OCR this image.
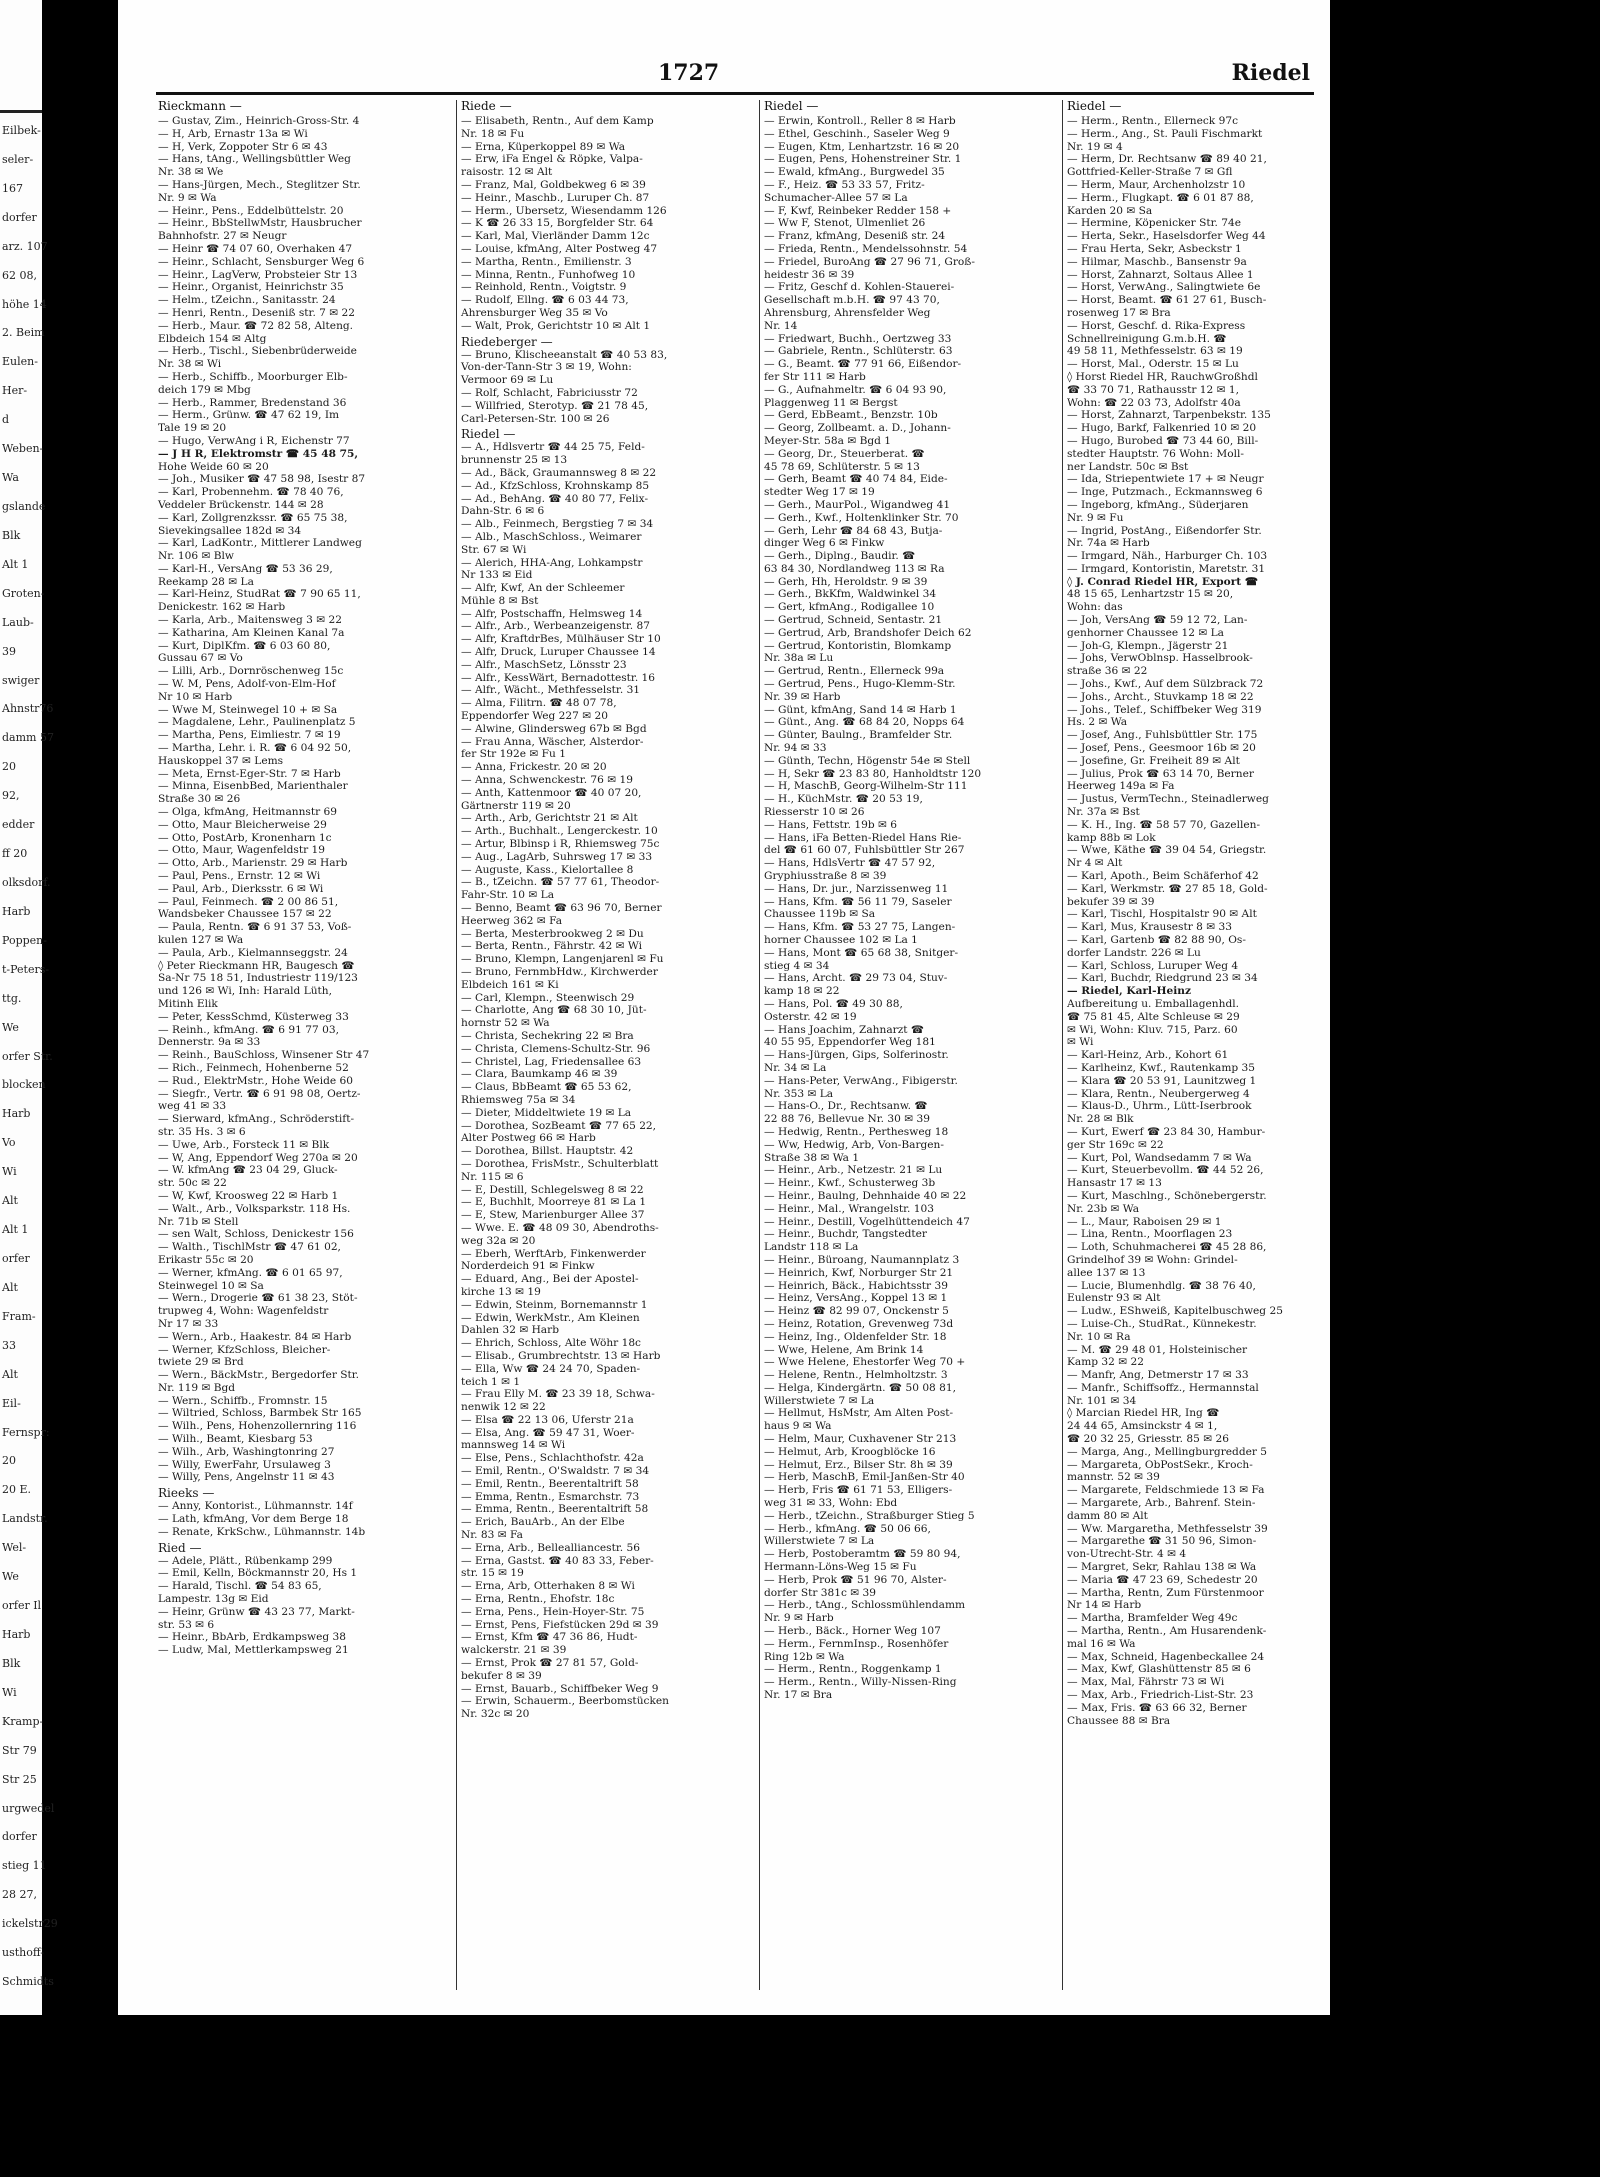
Eilbek-
seler-
167
dorfer
arz. 107
62 08,
höhe 14
2. Beim
Eulen-
Her-
d
Weben-
Wa
gslande
Blk
Alt 1
Groten-
Laub-
39
swiger
Ahnstr76
damm 57
20
92,
edder
ff 20
olksdorf.
Harb
Poppen-
t-Peters-
ttg.
We
orfer Str.
blocken
Harb
Vo
Wi
Alt
Alt 1
orfer
Alt
Fram-
33
Alt
Eil-
Fernspr:
20
20 E.
Landstr.
Wel-
We
orfer Il
Harb
Blk
Wi
Kramp-
Str 79
Str 25
urgwedel
dorfer
stieg 11
28 27,
ickelstr29
usthoff-
Schmidts
1727	Riedel
Rieckmann —
— Gustav, Zim., Heinrich-Gross-Str. 4
— H, Arb, Ernastr 13a ✉ Wi
— H, Verk, Zoppoter Str 6 ✉ 43
— Hans, tAng., Wellingsbüttler Weg
Nr. 38 ✉ We
— Hans-Jürgen, Mech., Steglitzer Str.
Nr. 9 ✉ Wa
— Heinr., Pens., Eddelbüttelstr. 20
— Heinr., BbStellwMstr, Hausbrucher
Bahnhofstr. 27 ✉ Neugr
— Heinr ☎ 74 07 60, Overhaken 47
— Heinr., Schlacht, Sensburger Weg 6
— Heinr., LagVerw, Probsteier Str 13
— Heinr., Organist, Heinrichstr 35
— Helm., tZeichn., Sanitasstr. 24
— Henri, Rentn., Deseniß str. 7 ✉ 22
— Herb., Maur. ☎ 72 82 58, Alteng.
Elbdeich 154 ✉ Altg
— Herb., Tischl., Siebenbrüderweide
Nr. 38 ✉ Wi
— Herb., Schiffb., Moorburger Elb-
deich 179 ✉ Mbg
— Herb., Rammer, Bredenstand 36
— Herm., Grünw. ☎ 47 62 19, Im
Tale 19 ✉ 20
— Hugo, VerwAng i R, Eichenstr 77
— J H R, Elektromstr ☎ 45 48 75,
Hohe Weide 60 ✉ 20
— Joh., Musiker ☎ 47 58 98, Isestr 87
— Karl, Probennehm. ☎ 78 40 76,
Veddeler Brückenstr. 144 ✉ 28
— Karl, Zollgrenzkssr. ☎ 65 75 38,
Sievekingsallee 182d ✉ 34
— Karl, LadKontr., Mittlerer Landweg
Nr. 106 ✉ Blw
— Karl-H., VersAng ☎ 53 36 29,
Reekamp 28 ✉ La
— Karl-Heinz, StudRat ☎ 7 90 65 11,
Denickestr. 162 ✉ Harb
— Karla, Arb., Maitensweg 3 ✉ 22
— Katharina, Am Kleinen Kanal 7a
— Kurt, DiplKfm. ☎ 6 03 60 80,
Gussau 67 ✉ Vo
— Lilli, Arb., Dornröschenweg 15c
— W. M, Pens, Adolf-von-Elm-Hof
Nr 10 ✉ Harb
— Wwe M, Steinwegel 10 + ✉ Sa
— Magdalene, Lehr., Paulinenplatz 5
— Martha, Pens, Eimliestr. 7 ✉ 19
— Martha, Lehr. i. R. ☎ 6 04 92 50,
Hauskoppel 37 ✉ Lems
— Meta, Ernst-Eger-Str. 7 ✉ Harb
— Minna, EisenbBed, Marienthaler
Straße 30 ✉ 26
— Olga, kfmAng, Heitmannstr 69
— Otto, Maur Bleicherweise 29
— Otto, PostArb, Kronenharn 1c
— Otto, Maur, Wagenfeldstr 19
— Otto, Arb., Marienstr. 29 ✉ Harb
— Paul, Pens., Ernstr. 12 ✉ Wi
— Paul, Arb., Dierksstr. 6 ✉ Wi
— Paul, Feinmech. ☎ 2 00 86 51,
Wandsbeker Chaussee 157 ✉ 22
— Paula, Rentn. ☎ 6 91 37 53, Voß-
kulen 127 ✉ Wa
— Paula, Arb., Kielmannseggstr. 24
◊ Peter Rieckmann HR, Baugesch ☎
Sa-Nr 75 18 51, Industriestr 119/123
und 126 ✉ Wi, Inh: Harald Lüth,
Mitinh Elik
— Peter, KessSchmd, Küsterweg 33
— Reinh., kfmAng. ☎ 6 91 77 03,
Dennerstr. 9a ✉ 33
— Reinh., BauSchloss, Winsener Str 47
— Rich., Feinmech, Hohenberne 52
— Rud., ElektrMstr., Hohe Weide 60
— Siegfr., Vertr. ☎ 6 91 98 08, Oertz-
weg 41 ✉ 33
— Sierward, kfmAng., Schröderstift-
str. 35 Hs. 3 ✉ 6
— Uwe, Arb., Forsteck 11 ✉ Blk
— W, Ang, Eppendorf Weg 270a ✉ 20
— W. kfmAng ☎ 23 04 29, Gluck-
str. 50c ✉ 22
— W, Kwf, Kroosweg 22 ✉ Harb 1
— Walt., Arb., Volksparkstr. 118 Hs.
Nr. 71b ✉ Stell
— sen Walt, Schloss, Denickestr 156
— Walth., TischlMstr ☎ 47 61 02,
Erikastr 55c ✉ 20
— Werner, kfmAng. ☎ 6 01 65 97,
Steinwegel 10 ✉ Sa
— Wern., Drogerie ☎ 61 38 23, Stöt-
trupweg 4, Wohn: Wagenfeldstr
Nr 17 ✉ 33
— Wern., Arb., Haakestr. 84 ✉ Harb
— Werner, KfzSchloss, Bleicher-
twiete 29 ✉ Brd
— Wern., BäckMstr., Bergedorfer Str.
Nr. 119 ✉ Bgd
— Wern., Schiffb., Fromnstr. 15
— Wiltried, Schloss, Barmbek Str 165
— Wilh., Pens, Hohenzollernring 116
— Wilh., Beamt, Kiesbarg 53
— Wilh., Arb, Washingtonring 27
— Willy, EwerFahr, Ursulaweg 3
— Willy, Pens, Angelnstr 11 ✉ 43
Rieeks —
— Anny, Kontorist., Lühmannstr. 14f
— Lath, kfmAng, Vor dem Berge 18
— Renate, KrkSchw., Lühmannstr. 14b
Ried —
— Adele, Plätt., Rübenkamp 299
— Emil, Kelln, Böckmannstr 20, Hs 1
— Harald, Tischl. ☎ 54 83 65,
Lampestr. 13g ✉ Eid
— Heinr, Grünw ☎ 43 23 77, Markt-
str. 53 ✉ 6
— Heinr., BbArb, Erdkampsweg 38
— Ludw, Mal, Mettlerkampsweg 21
Riede —
— Elisabeth, Rentn., Auf dem Kamp
Nr. 18 ✉ Fu
— Erna, Küperkoppel 89 ✉ Wa
— Erw, iFa Engel & Röpke, Valpa-
raisostr. 12 ✉ Alt
— Franz, Mal, Goldbekweg 6 ✉ 39
— Heinr., Maschb., Luruper Ch. 87
— Herm., Ubersetz, Wiesendamm 126
— K ☎ 26 33 15, Borgfelder Str. 64
— Karl, Mal, Vierländer Damm 12c
— Louise, kfmAng, Alter Postweg 47
— Martha, Rentn., Emilienstr. 3
— Minna, Rentn., Funhofweg 10
— Reinhold, Rentn., Voigtstr. 9
— Rudolf, Ellng. ☎ 6 03 44 73,
Ahrensburger Weg 35 ✉ Vo
— Walt, Prok, Gerichtstr 10 ✉ Alt 1
Riedeberger —
— Bruno, Klischeeanstalt ☎ 40 53 83,
Von-der-Tann-Str 3 ✉ 19, Wohn:
Vermoor 69 ✉ Lu
— Rolf, Schlacht, Fabriciusstr 72
— Willfried, Sterotyp. ☎ 21 78 45,
Carl-Petersen-Str. 100 ✉ 26
Riedel —
— A., Hdlsvertr ☎ 44 25 75, Feld-
brunnenstr 25 ✉ 13
— Ad., Bäck, Graumannsweg 8 ✉ 22
— Ad., KfzSchloss, Krohnskamp 85
— Ad., BehAng. ☎ 40 80 77, Felix-
Dahn-Str. 6 ✉ 6
— Alb., Feinmech, Bergstieg 7 ✉ 34
— Alb., MaschSchloss., Weimarer
Str. 67 ✉ Wi
— Alerich, HHA-Ang, Lohkampstr
Nr 133 ✉ Eid
— Alfr, Kwf, An der Schleemer
Mühle 8 ✉ Bst
— Alfr, Postschaffn, Helmsweg 14
— Alfr., Arb., Werbeanzeigenstr. 87
— Alfr, KraftdrBes, Mülhäuser Str 10
— Alfr, Druck, Luruper Chaussee 14
— Alfr., MaschSetz, Lönsstr 23
— Alfr., KessWärt, Bernadottestr. 16
— Alfr., Wächt., Methfesselstr. 31
— Alma, Filitrn. ☎ 48 07 78,
Eppendorfer Weg 227 ✉ 20
— Alwine, Glindersweg 67b ✉ Bgd
— Frau Anna, Wäscher, Alsterdor-
fer Str 192e ✉ Fu 1
— Anna, Frickestr. 20 ✉ 20
— Anna, Schwenckestr. 76 ✉ 19
— Anth, Kattenmoor ☎ 40 07 20,
Gärtnerstr 119 ✉ 20
— Arth., Arb, Gerichtstr 21 ✉ Alt
— Arth., Buchhalt., Lengerckestr. 10
— Artur, Blbinsp i R, Rhiemsweg 75c
— Aug., LagArb, Suhrsweg 17 ✉ 33
— Auguste, Kass., Kielortallee 8
— B., tZeichn. ☎ 57 77 61, Theodor-
Fahr-Str. 10 ✉ La
— Benno, Beamt ☎ 63 96 70, Berner
Heerweg 362 ✉ Fa
— Berta, Mesterbrookweg 2 ✉ Du
— Berta, Rentn., Fährstr. 42 ✉ Wi
— Bruno, Klempn, Langenjarenl ✉ Fu
— Bruno, FernmbHdw., Kirchwerder
Elbdeich 161 ✉ Ki
— Carl, Klempn., Steenwisch 29
— Charlotte, Ang ☎ 68 30 10, Jüt-
hornstr 52 ✉ Wa
— Christa, Sechekring 22 ✉ Bra
— Christa, Clemens-Schultz-Str. 96
— Christel, Lag, Friedensallee 63
— Clara, Baumkamp 46 ✉ 39
— Claus, BbBeamt ☎ 65 53 62,
Rhiemsweg 75a ✉ 34
— Dieter, Middeltwiete 19 ✉ La
— Dorothea, SozBeamt ☎ 77 65 22,
Alter Postweg 66 ✉ Harb
— Dorothea, Billst. Hauptstr. 42
— Dorothea, FrisMstr., Schulterblatt
Nr. 115 ✉ 6
— E, Destill, Schlegelsweg 8 ✉ 22
— E, Buchhlt, Moorreye 81 ✉ La 1
— E, Stew, Marienburger Allee 37
— Wwe. E. ☎ 48 09 30, Abendroths-
weg 32a ✉ 20
— Eberh, WerftArb, Finkenwerder
Norderdeich 91 ✉ Finkw
— Eduard, Ang., Bei der Apostel-
kirche 13 ✉ 19
— Edwin, Steinm, Bornemannstr 1
— Edwin, WerkMstr., Am Kleinen
Dahlen 32 ✉ Harb
— Ehrich, Schloss, Alte Wöhr 18c
— Elisab., Grumbrechtstr. 13 ✉ Harb
— Ella, Ww ☎ 24 24 70, Spaden-
teich 1 ✉ 1
— Frau Elly M. ☎ 23 39 18, Schwa-
nenwik 12 ✉ 22
— Elsa ☎ 22 13 06, Uferstr 21a
— Elsa, Ang. ☎ 59 47 31, Woer-
mannsweg 14 ✉ Wi
— Else, Pens., Schlachthofstr. 42a
— Emil, Rentn., O'Swaldstr. 7 ✉ 34
— Emil, Rentn., Beerentaltrift 58
— Emma, Rentn., Esmarchstr. 73
— Emma, Rentn., Beerentaltrift 58
— Erich, BauArb., An der Elbe
Nr. 83 ✉ Fa
— Erna, Arb., Bellealliancestr. 56
— Erna, Gastst. ☎ 40 83 33, Feber-
str. 15 ✉ 19
— Erna, Arb, Otterhaken 8 ✉ Wi
— Erna, Rentn., Ehofstr. 18c
— Erna, Pens., Hein-Hoyer-Str. 75
— Ernst, Pens, Fiefstücken 29d ✉ 39
— Ernst, Kfm ☎ 47 36 86, Hudt-
walckerstr. 21 ✉ 39
— Ernst, Prok ☎ 27 81 57, Gold-
bekufer 8 ✉ 39
— Ernst, Bauarb., Schiffbeker Weg 9
— Erwin, Schauerm., Beerbomstücken
Nr. 32c ✉ 20
Riedel —
— Erwin, Kontroll., Reller 8 ✉ Harb
— Ethel, Geschinh., Saseler Weg 9
— Eugen, Ktm, Lenhartzstr. 16 ✉ 20
— Eugen, Pens, Hohenstreiner Str. 1
— Ewald, kfmAng., Burgwedel 35
— F., Heiz. ☎ 53 33 57, Fritz-
Schumacher-Allee 57 ✉ La
— F, Kwf, Reinbeker Redder 158 +
— Ww F, Stenot, Ulmenliet 26
— Franz, kfmAng, Deseniß str. 24
— Frieda, Rentn., Mendelssohnstr. 54
— Friedel, BuroAng ☎ 27 96 71, Groß-
heidestr 36 ✉ 39
— Fritz, Geschf d. Kohlen-Stauerei-
Gesellschaft m.b.H. ☎ 97 43 70,
Ahrensburg, Ahrensfelder Weg
Nr. 14
— Friedwart, Buchh., Oertzweg 33
— Gabriele, Rentn., Schlüterstr. 63
— G., Beamt. ☎ 77 91 66, Eißendor-
fer Str 111 ✉ Harb
— G., Aufnahmeltr. ☎ 6 04 93 90,
Plaggenweg 11 ✉ Bergst
— Gerd, EbBeamt., Benzstr. 10b
— Georg, Zollbeamt. a. D., Johann-
Meyer-Str. 58a ✉ Bgd 1
— Georg, Dr., Steuerberat. ☎
45 78 69, Schlüterstr. 5 ✉ 13
— Gerh, Beamt ☎ 40 74 84, Eide-
stedter Weg 17 ✉ 19
— Gerh., MaurPol., Wigandweg 41
— Gerh., Kwf., Holtenklinker Str. 70
— Gerh, Lehr ☎ 84 68 43, Butja-
dinger Weg 6 ✉ Finkw
— Gerh., Diplng., Baudir. ☎
63 84 30, Nordlandweg 113 ✉ Ra
— Gerh, Hh, Heroldstr. 9 ✉ 39
— Gerh., BkKfm, Waldwinkel 34
— Gert, kfmAng., Rodigallee 10
— Gertrud, Schneid, Sentastr. 21
— Gertrud, Arb, Brandshofer Deich 62
— Gertrud, Kontoristin, Blomkamp
Nr. 38a ✉ Lu
— Gertrud, Rentn., Ellerneck 99a
— Gertrud, Pens., Hugo-Klemm-Str.
Nr. 39 ✉ Harb
— Günt, kfmAng, Sand 14 ✉ Harb 1
— Günt., Ang. ☎ 68 84 20, Nopps 64
— Günter, Baulng., Bramfelder Str.
Nr. 94 ✉ 33
— Günth, Techn, Högenstr 54e ✉ Stell
— H, Sekr ☎ 23 83 80, Hanholdtstr 120
— H, MaschB, Georg-Wilhelm-Str 111
— H., KüchMstr. ☎ 20 53 19,
Riesserstr 10 ✉ 26
— Hans, Fettstr. 19b ✉ 6
— Hans, iFa Betten-Riedel Hans Rie-
del ☎ 61 60 07, Fuhlsbüttler Str 267
— Hans, HdlsVertr ☎ 47 57 92,
Gryphiusstraße 8 ✉ 39
— Hans, Dr. jur., Narzissenweg 11
— Hans, Kfm. ☎ 56 11 79, Saseler
Chaussee 119b ✉ Sa
— Hans, Kfm. ☎ 53 27 75, Langen-
horner Chaussee 102 ✉ La 1
— Hans, Mont ☎ 65 68 38, Snitger-
stieg 4 ✉ 34
— Hans, Archt. ☎ 29 73 04, Stuv-
kamp 18 ✉ 22
— Hans, Pol. ☎ 49 30 88,
Osterstr. 42 ✉ 19
— Hans Joachim, Zahnarzt ☎
40 55 95, Eppendorfer Weg 181
— Hans-Jürgen, Gips, Solferinostr.
Nr. 34 ✉ La
— Hans-Peter, VerwAng., Fibigerstr.
Nr. 353 ✉ La
— Hans-O., Dr., Rechtsanw. ☎
22 88 76, Bellevue Nr. 30 ✉ 39
— Hedwig, Rentn., Perthesweg 18
— Ww, Hedwig, Arb, Von-Bargen-
Straße 38 ✉ Wa 1
— Heinr., Arb., Netzestr. 21 ✉ Lu
— Heinr., Kwf., Schusterweg 3b
— Heinr., Baulng, Dehnhaide 40 ✉ 22
— Heinr., Mal., Wrangelstr. 103
— Heinr., Destill, Vogelhüttendeich 47
— Heinr., Buchdr, Tangstedter
Landstr 118 ✉ La
— Heinr., Büroang, Naumannplatz 3
— Heinrich, Kwf, Norburger Str 21
— Heinrich, Bäck., Habichtsstr 39
— Heinz, VersAng., Koppel 13 ✉ 1
— Heinz ☎ 82 99 07, Onckenstr 5
— Heinz, Rotation, Grevenweg 73d
— Heinz, Ing., Oldenfelder Str. 18
— Wwe, Helene, Am Brink 14
— Wwe Helene, Ehestorfer Weg 70 +
— Helene, Rentn., Helmholtzstr. 3
— Helga, Kindergärtn. ☎ 50 08 81,
Willerstwiete 7 ✉ La
— Hellmut, HsMstr, Am Alten Post-
haus 9 ✉ Wa
— Helm, Maur, Cuxhavener Str 213
— Helmut, Arb, Kroogblöcke 16
— Helmut, Erz., Bilser Str. 8h ✉ 39
— Herb, MaschB, Emil-Janßen-Str 40
— Herb, Fris ☎ 61 71 53, Elligers-
weg 31 ✉ 33, Wohn: Ebd
— Herb., tZeichn., Straßburger Stieg 5
— Herb., kfmAng. ☎ 50 06 66,
Willerstwiete 7 ✉ La
— Herb, Postoberamtm ☎ 59 80 94,
Hermann-Löns-Weg 15 ✉ Fu
— Herb, Prok ☎ 51 96 70, Alster-
dorfer Str 381c ✉ 39
— Herb., tAng., Schlossmühlendamm
Nr. 9 ✉ Harb
— Herb., Bäck., Horner Weg 107
— Herm., FernmInsp., Rosenhöfer
Ring 12b ✉ Wa
— Herm., Rentn., Roggenkamp 1
— Herm., Rentn., Willy-Nissen-Ring
Nr. 17 ✉ Bra
Riedel —
— Herm., Rentn., Ellerneck 97c
— Herm., Ang., St. Pauli Fischmarkt
Nr. 19 ✉ 4
— Herm, Dr. Rechtsanw ☎ 89 40 21,
Gottfried-Keller-Straße 7 ✉ Gfl
— Herm, Maur, Archenholzstr 10
— Herm., Flugkapt. ☎ 6 01 87 88,
Karden 20 ✉ Sa
— Hermine, Köpenicker Str. 74e
— Herta, Sekr., Haselsdorfer Weg 44
— Frau Herta, Sekr, Asbeckstr 1
— Hilmar, Maschb., Bansenstr 9a
— Horst, Zahnarzt, Soltaus Allee 1
— Horst, VerwAng., Salingtwiete 6e
— Horst, Beamt. ☎ 61 27 61, Busch-
rosenweg 17 ✉ Bra
— Horst, Geschf. d. Rika-Express
Schnellreinigung G.m.b.H. ☎
49 58 11, Methfesselstr. 63 ✉ 19
— Horst, Mal., Oderstr. 15 ✉ Lu
◊ Horst Riedel HR, RauchwGroßhdl
☎ 33 70 71, Rathausstr 12 ✉ 1,
Wohn: ☎ 22 03 73, Adolfstr 40a
— Horst, Zahnarzt, Tarpenbekstr. 135
— Hugo, Barkf, Falkenried 10 ✉ 20
— Hugo, Burobed ☎ 73 44 60, Bill-
stedter Hauptstr. 76 Wohn: Moll-
ner Landstr. 50c ✉ Bst
— Ida, Striepentwiete 17 + ✉ Neugr
— Inge, Putzmach., Eckmannsweg 6
— Ingeborg, kfmAng., Süderjaren
Nr. 9 ✉ Fu
— Ingrid, PostAng., Eißendorfer Str.
Nr. 74a ✉ Harb
— Irmgard, Näh., Harburger Ch. 103
— Irmgard, Kontoristin, Maretstr. 31
◊ J. Conrad Riedel HR, Export ☎
48 15 65, Lenhartzstr 15 ✉ 20,
Wohn: das
— Joh, VersAng ☎ 59 12 72, Lan-
genhorner Chaussee 12 ✉ La
— Joh-G, Klempn., Jägerstr 21
— Johs, VerwOblnsp. Hasselbrook-
straße 36 ✉ 22
— Johs., Kwf., Auf dem Sülzbrack 72
— Johs., Archt., Stuvkamp 18 ✉ 22
— Johs., Telef., Schiffbeker Weg 319
Hs. 2 ✉ Wa
— Josef, Ang., Fuhlsbüttler Str. 175
— Josef, Pens., Geesmoor 16b ✉ 20
— Josefine, Gr. Freiheit 89 ✉ Alt
— Julius, Prok ☎ 63 14 70, Berner
Heerweg 149a ✉ Fa
— Justus, VermTechn., Steinadlerweg
Nr. 37a ✉ Bst
— K. H., Ing. ☎ 58 57 70, Gazellen-
kamp 88b ✉ Lok
— Wwe, Käthe ☎ 39 04 54, Griegstr.
Nr 4 ✉ Alt
— Karl, Apoth., Beim Schäferhof 42
— Karl, Werkmstr. ☎ 27 85 18, Gold-
bekufer 39 ✉ 39
— Karl, Tischl, Hospitalstr 90 ✉ Alt
— Karl, Mus, Krausestr 8 ✉ 33
— Karl, Gartenb ☎ 82 88 90, Os-
dorfer Landstr. 226 ✉ Lu
— Karl, Schloss, Luruper Weg 4
— Karl, Buchdr, Riedgrund 23 ✉ 34
— Riedel, Karl-Heinz
Aufbereitung u. Emballagenhdl.
☎ 75 81 45, Alte Schleuse ✉ 29
✉ Wi, Wohn: Kluv. 715, Parz. 60
✉ Wi
— Karl-Heinz, Arb., Kohort 61
— Karlheinz, Kwf., Rautenkamp 35
— Klara ☎ 20 53 91, Launitzweg 1
— Klara, Rentn., Neubergerweg 4
— Klaus-D., Uhrm., Lütt-Iserbrook
Nr. 28 ✉ Blk
— Kurt, Ewerf ☎ 23 84 30, Hambur-
ger Str 169c ✉ 22
— Kurt, Pol, Wandsedamm 7 ✉ Wa
— Kurt, Steuerbevollm. ☎ 44 52 26,
Hansastr 17 ✉ 13
— Kurt, Maschlng., Schönebergerstr.
Nr. 23b ✉ Wa
— L., Maur, Raboisen 29 ✉ 1
— Lina, Rentn., Moorflagen 23
— Loth, Schuhmacherei ☎ 45 28 86,
Grindelhof 39 ✉ Wohn: Grindel-
allee 137 ✉ 13
— Lucie, Blumenhdlg. ☎ 38 76 40,
Eulenstr 93 ✉ Alt
— Ludw., EShweiß, Kapitelbuschweg 25
— Luise-Ch., StudRat., Künnekestr.
Nr. 10 ✉ Ra
— M. ☎ 29 48 01, Holsteinischer
Kamp 32 ✉ 22
— Manfr, Ang, Detmerstr 17 ✉ 33
— Manfr., Schiffsoffz., Hermannstal
Nr. 101 ✉ 34
◊ Marcian Riedel HR, Ing ☎
24 44 65, Amsinckstr 4 ✉ 1,
☎ 20 32 25, Griesstr. 85 ✉ 26
— Marga, Ang., Mellingburgredder 5
— Margareta, ObPostSekr., Kroch-
mannstr. 52 ✉ 39
— Margarete, Feldschmiede 13 ✉ Fa
— Margarete, Arb., Bahrenf. Stein-
damm 80 ✉ Alt
— Ww. Margaretha, Methfesselstr 39
— Margarethe ☎ 31 50 96, Simon-
von-Utrecht-Str. 4 ✉ 4
— Margret, Sekr, Rahlau 138 ✉ Wa
— Maria ☎ 47 23 69, Schedestr 20
— Martha, Rentn, Zum Fürstenmoor
Nr 14 ✉ Harb
— Martha, Bramfelder Weg 49c
— Martha, Rentn., Am Husarendenk-
mal 16 ✉ Wa
— Max, Schneid, Hagenbeckallee 24
— Max, Kwf, Glashüttenstr 85 ✉ 6
— Max, Mal, Fährstr 73 ✉ Wi
— Max, Arb., Friedrich-List-Str. 23
— Max, Fris. ☎ 63 66 32, Berner
Chaussee 88 ✉ Bra
